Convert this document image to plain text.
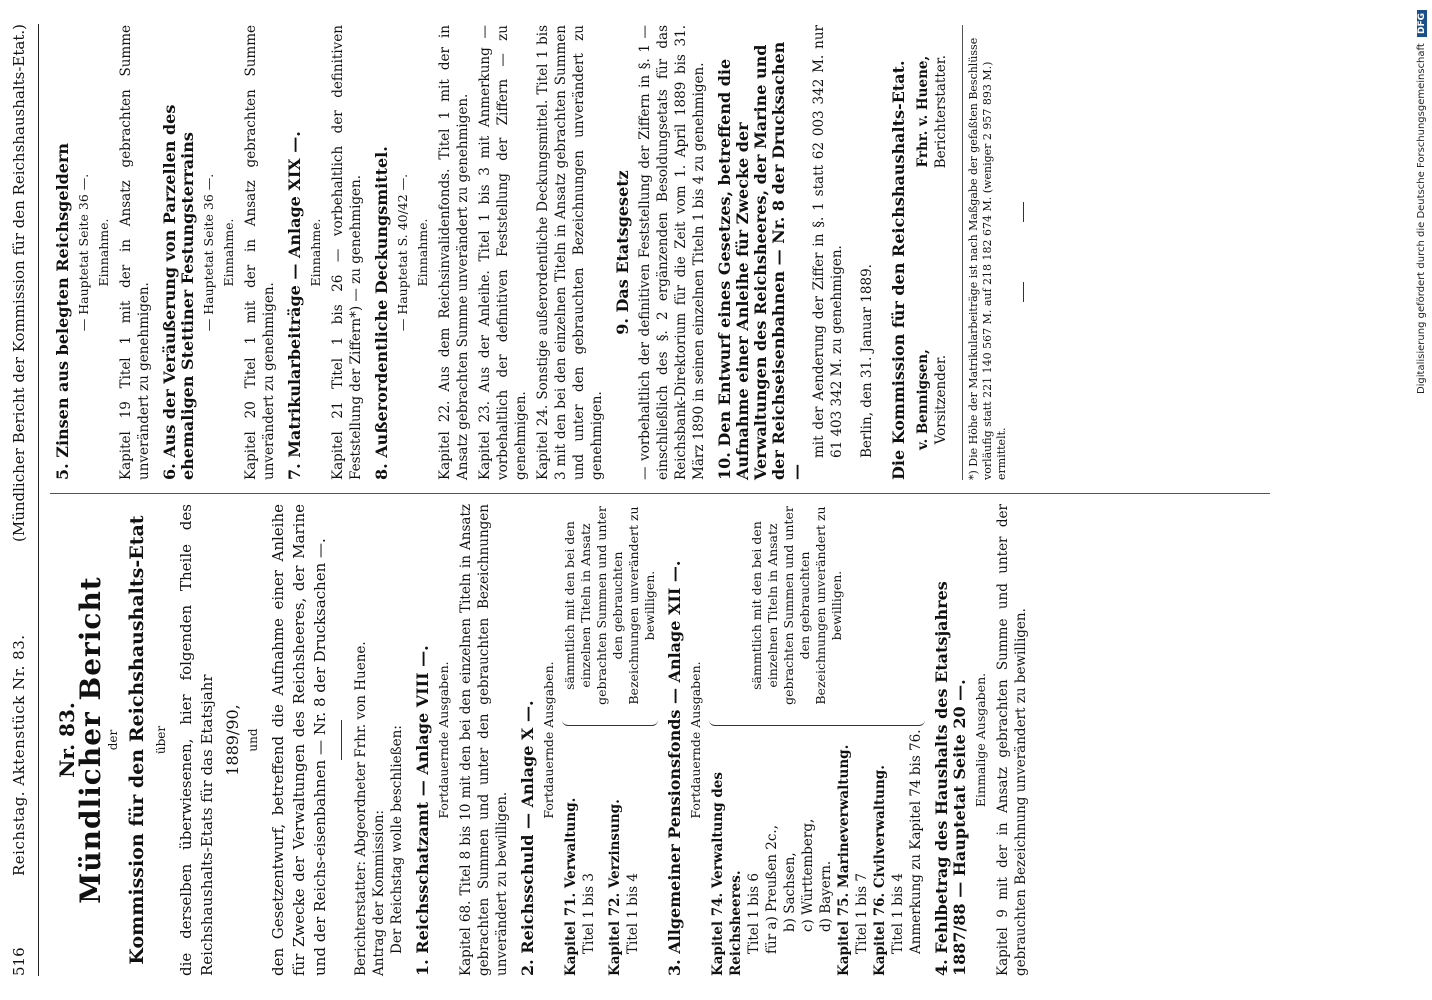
516
Reichstag. Aktenstück Nr. 83.
(Mündlicher Bericht der Kommission für den Reichshaushalts-Etat.)
Nr. 83.
Mündlicher Bericht der Kommission für den Reichshaushalts-Etat über die derselben überwiesenen, hier folgenden Theile des Reichshaushalts-Etats für das Etatsjahr 1889/90, und den Gesetzentwurf, betreffend die Aufnahme einer Anleihe für Zwecke der Verwaltungen des Reichsheeres, der Marine und der Reichs-eisenbahnen — Nr. 8 der Drucksachen —. Berichterstatter: Abgeordneter Frhr. von Huene. Antrag der Kommission: Der Reichstag wolle beschließen: 1. Reichsschatzamt — Anlage VIII —. Fortdauernde Ausgaben. Kapitel 68. Titel 8 bis 10 mit den bei den einzelnen Titeln in Ansatz gebrachten Summen und unter den gebrauchten Bezeichnungen unverändert zu bewilligen. 2. Reichsschuld — Anlage X —. Fortdauernde Ausgaben.
Kapitel 71. Verwaltung. Titel 1 bis 3 Kapitel 72. Verzinsung. Titel 1 bis 4
sämmtlich mit den bei den einzelnen Titeln in Ansatz gebrachten Summen und unter den gebrauchten Bezeichnungen unverändert zu bewilligen. 3. Allgemeiner Pensionsfonds — Anlage XII —. Fortdauernde Ausgaben.
Kapitel 74. Verwaltung des Reichsheeres. Titel 1 bis 6 für a) Preußen 2c., b) Sachsen, c) Württemberg, d) Bayern. Kapitel 75. Marineverwaltung. Titel 1 bis 7 Kapitel 76. Civilverwaltung. Titel 1 bis 4 Anmerkung zu Kapitel 74 bis 76.
sämmtlich mit den bei den einzelnen Titeln in Ansatz gebrachten Summen und unter den gebrauchten Bezeichnungen unverändert zu bewilligen.	4. Fehlbetrag des Haushalts des Etatsjahres 1887/88 — Hauptetat Seite 20 —. Einmalige Ausgaben. Kapitel 9 mit der in Ansatz gebrachten Summe und unter der gebrauchten Bezeichnung unverändert zu bewilligen.
5. Zinsen aus belegten Reichsgeldern — Hauptetat Seite 36 —. Einnahme. Kapitel 19 Titel 1 mit der in Ansatz gebrachten Summe unverändert zu genehmigen. 6. Aus der Veräußerung von Parzellen des ehemaligen Stettiner Festungsterrains — Hauptetat Seite 36 —. Einnahme. Kapitel 20 Titel 1 mit der in Ansatz gebrachten Summe unverändert zu genehmigen. 7. Matrikularbeiträge — Anlage XIX —. Einnahme. Kapitel 21 Titel 1 bis 26 — vorbehaltlich der definitiven Feststellung der Ziffern*) — zu genehmigen. 8. Außerordentliche Deckungsmittel. — Hauptetat S. 40/42 —. Einnahme. Kapitel 22. Aus dem Reichsinvalidenfonds. Titel 1 mit der in Ansatz gebrachten Summe unverändert zu genehmigen. Kapitel 23. Aus der Anleihe. Titel 1 bis 3 mit Anmerkung — vorbehaltlich der definitiven Feststellung der Ziffern — zu genehmigen. Kapitel 24. Sonstige außerordentliche Deckungsmittel. Titel 1 bis 3 mit den bei den einzelnen Titeln in Ansatz gebrachten Summen und unter den gebrauchten Bezeichnungen unverändert zu genehmigen.
9. Das Etatsgesetz — vorbehaltlich der definitiven Feststellung der Ziffern in §. 1 — einschließlich des §. 2 ergänzenden Besoldungsetats für das Reichsbank-Direktorium für die Zeit vom 1. April 1889 bis 31. März 1890 in seinen einzelnen Titeln 1 bis 4 zu genehmigen. 10. Den Entwurf eines Gesetzes, betreffend die Aufnahme einer Anleihe für Zwecke der Verwaltungen des Reichsheeres, der Marine und der Reichseisenbahnen — Nr. 8 der Drucksachen —
mit der Aenderung der Ziffer in §. 1 statt 62 003 342 M. nur 61 403 342 M. zu genehmigen. Berlin, den 31. Januar 1889. Die Kommission für den Reichshaushalts-Etat. v. Bennigsen, Vorsitzender.
Frhr. v. Huene, Berichterstatter.	*) Die Höhe der Matrikularbeiträge ist nach Maßgabe der gefaßten Beschlüsse vorläufig statt 221 140 567 M. auf 218 182 674 M. (weniger 2 957 893 M.) ermittelt.
Digitalisierung gefördert durch die Deutsche Forschungsgemeinschaft DFG
